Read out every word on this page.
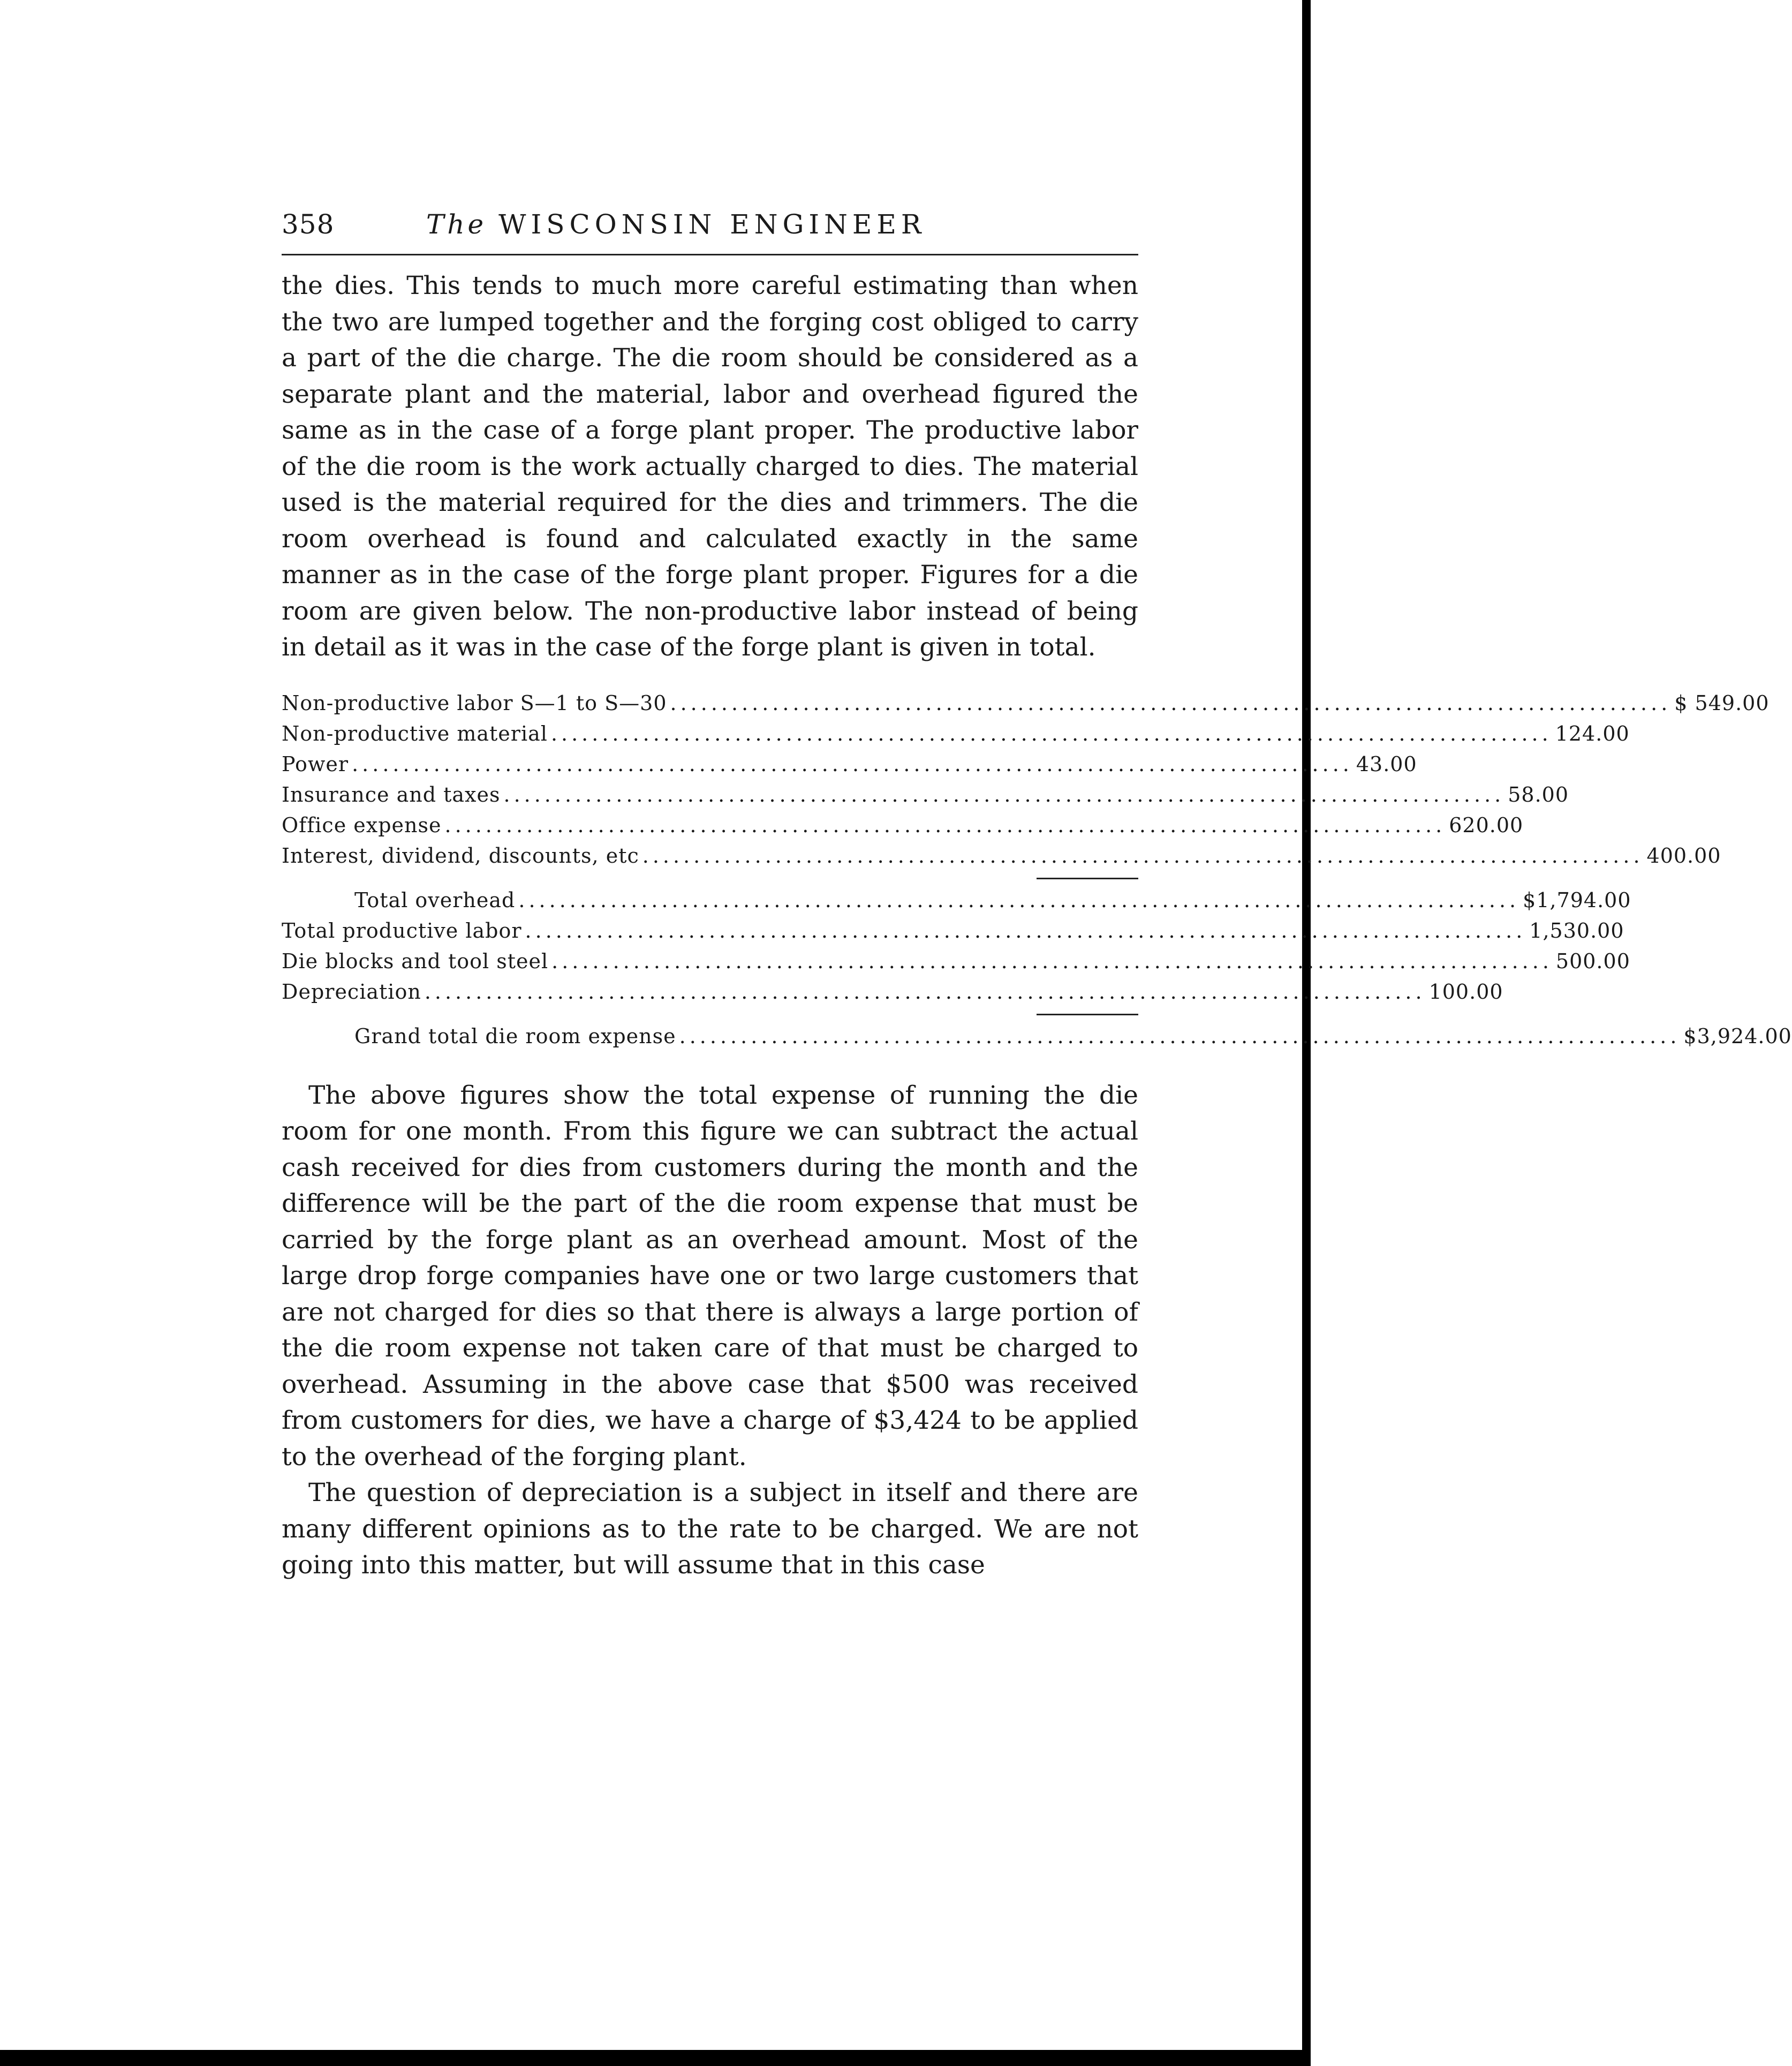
358	The WISCONSIN ENGINEER

the dies. This tends to much more careful estimating than when the two are lumped together and the forging cost obliged to carry a part of the die charge. The die room should be considered as a separate plant and the material, labor and overhead figured the same as in the case of a forge plant proper. The productive labor of the die room is the work actually charged to dies. The material used is the material required for the dies and trimmers. The die room overhead is found and calculated exactly in the same manner as in the case of the forge plant proper. Figures for a die room are given below. The non-productive labor instead of being in detail as it was in the case of the forge plant is given in total.

Non-productive labor S—1 to S—30 .................................................................................................. $ 549.00
Non-productive material .................................................................................................. 124.00
Power .................................................................................................. 43.00
Insurance and taxes .................................................................................................. 58.00
Office expense .................................................................................................. 620.00
Interest, dividend, discounts, etc .................................................................................................. 400.00
Total overhead .................................................................................................. $1,794.00
Total productive labor .................................................................................................. 1,530.00
Die blocks and tool steel .................................................................................................. 500.00
Depreciation .................................................................................................. 100.00
Grand total die room expense .................................................................................................. $3,924.00

The above figures show the total expense of running the die room for one month. From this figure we can subtract the actual cash received for dies from customers during the month and the difference will be the part of the die room expense that must be carried by the forge plant as an overhead amount. Most of the large drop forge companies have one or two large customers that are not charged for dies so that there is always a large portion of the die room expense not taken care of that must be charged to overhead. Assuming in the above case that $500 was received from customers for dies, we have a charge of $3,424 to be applied to the overhead of the forging plant.

The question of depreciation is a subject in itself and there are many different opinions as to the rate to be charged. We are not going into this matter, but will assume that in this case
